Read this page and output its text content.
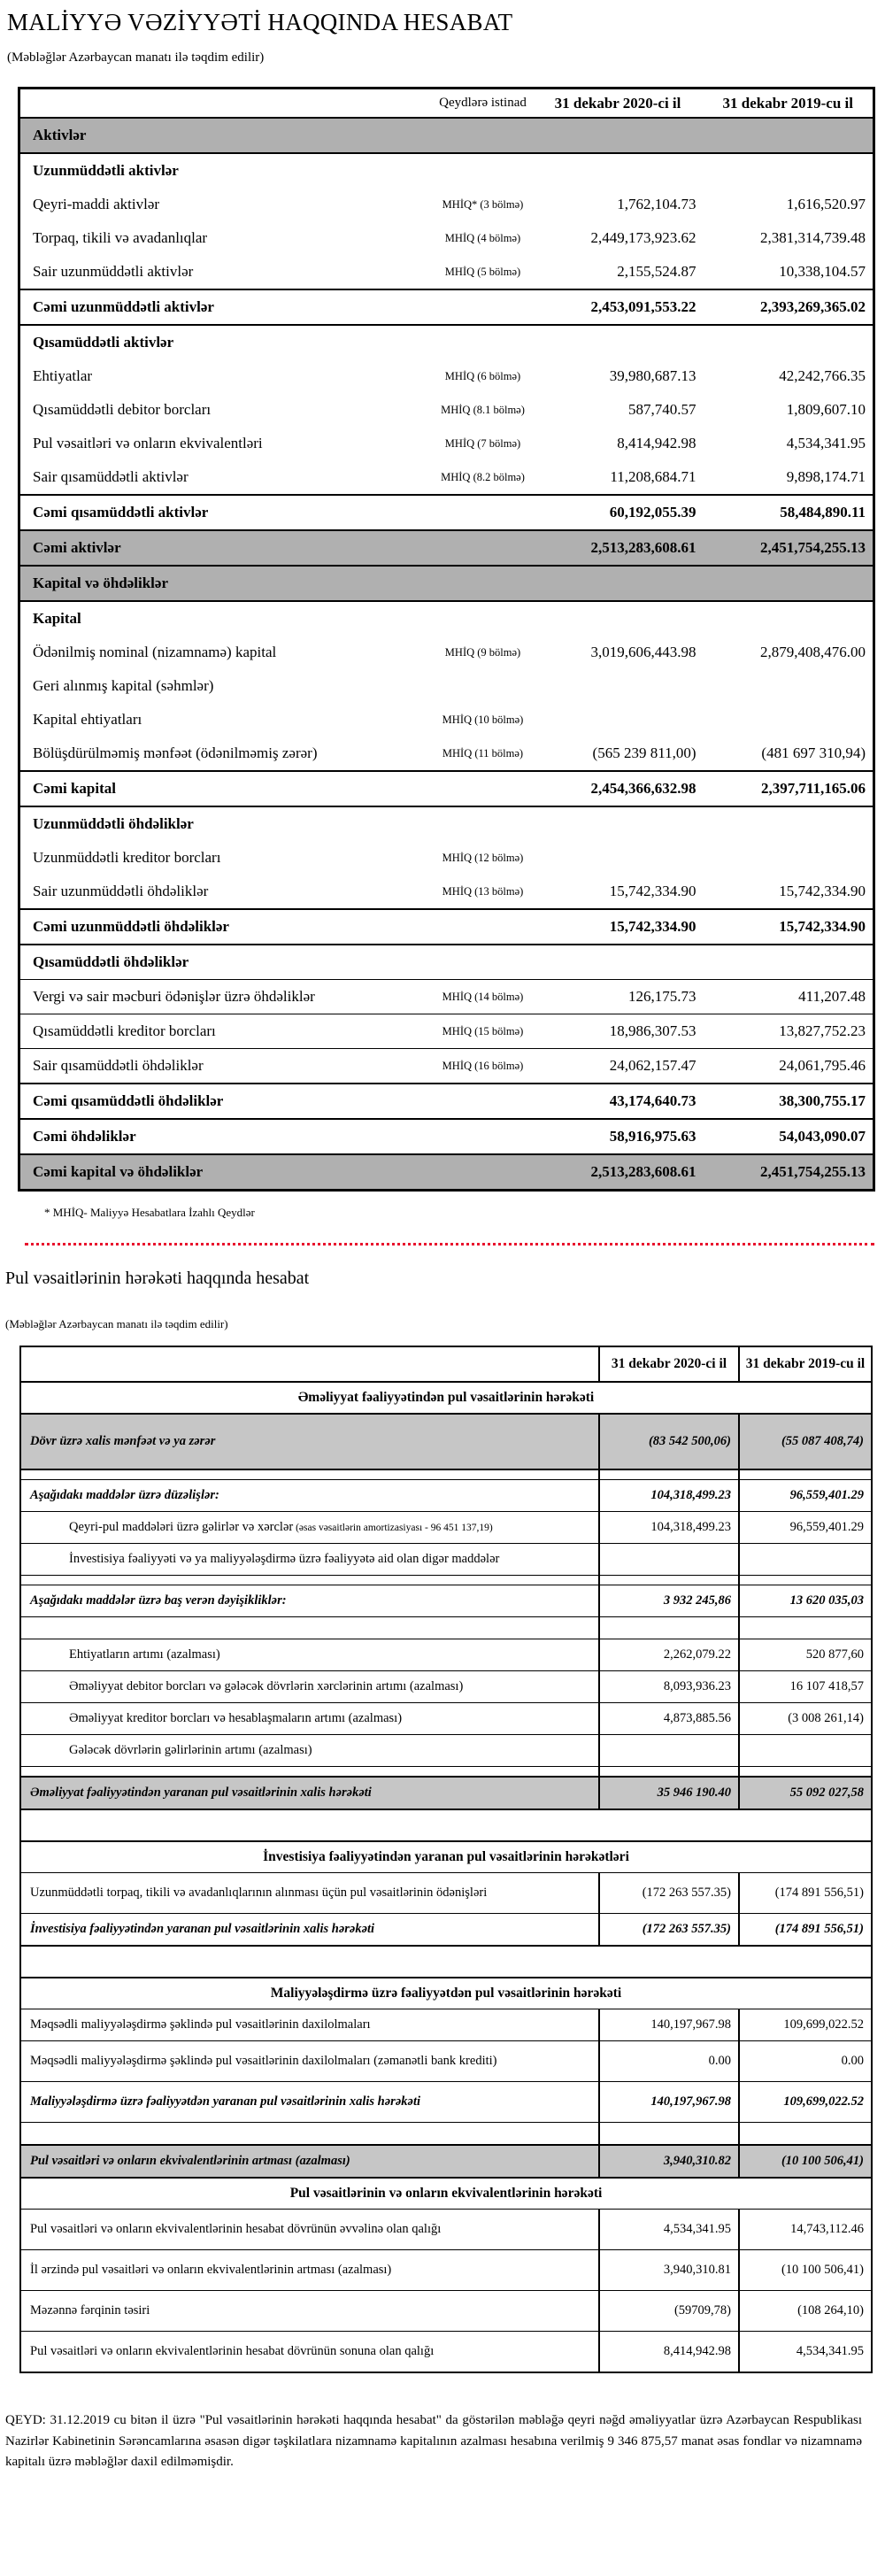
MALİYYƏ VƏZİYYƏTİ HAQQINDA HESABAT
(Məbləğlər Azərbaycan manatı ilə təqdim edilir)
	Qeydlərə istinad	31 dekabr 2020-ci il	31 dekabr 2019-cu il
Aktivlər			
Uzunmüddətli aktivlər			
Qeyri-maddi aktivlər	MHİQ* (3 bölmə)	1,762,104.73	1,616,520.97
Torpaq, tikili və avadanlıqlar	MHİQ (4 bölmə)	2,449,173,923.62	2,381,314,739.48
Sair uzunmüddətli aktivlər	MHİQ (5 bölmə)	2,155,524.87	10,338,104.57
Cəmi uzunmüddətli aktivlər		2,453,091,553.22	2,393,269,365.02
Qısamüddətli aktivlər			
Ehtiyatlar	MHİQ (6 bölmə)	39,980,687.13	42,242,766.35
Qısamüddətli debitor borcları	MHİQ (8.1 bölmə)	587,740.57	1,809,607.10
Pul vəsaitləri və onların ekvivalentləri	MHİQ (7 bölmə)	8,414,942.98	4,534,341.95
Sair qısamüddətli aktivlər	MHİQ (8.2 bölmə)	11,208,684.71	9,898,174.71
Cəmi qısamüddətli aktivlər		60,192,055.39	58,484,890.11
Cəmi aktivlər		2,513,283,608.61	2,451,754,255.13
Kapital və öhdəliklər			
Kapital			
Ödənilmiş nominal (nizamnamə) kapital	MHİQ (9 bölmə)	3,019,606,443.98	2,879,408,476.00
Geri alınmış kapital (səhmlər)			
Kapital ehtiyatları	MHİQ (10 bölmə)		
Bölüşdürülməmiş mənfəət (ödənilməmiş zərər)	MHİQ (11 bölmə)	(565 239 811,00)	(481 697 310,94)
Cəmi kapital		2,454,366,632.98	2,397,711,165.06
Uzunmüddətli öhdəliklər			
Uzunmüddətli kreditor borcları	MHİQ (12 bölmə)		
Sair uzunmüddətli öhdəliklər	MHİQ (13 bölmə)	15,742,334.90	15,742,334.90
Cəmi uzunmüddətli öhdəliklər		15,742,334.90	15,742,334.90
Qısamüddətli öhdəliklər			
Vergi və sair məcburi ödənişlər üzrə öhdəliklər	MHİQ (14 bölmə)	126,175.73	411,207.48
Qısamüddətli kreditor borcları	MHİQ (15 bölmə)	18,986,307.53	13,827,752.23
Sair qısamüddətli öhdəliklər	MHİQ (16 bölmə)	24,062,157.47	24,061,795.46
Cəmi qısamüddətli öhdəliklər		43,174,640.73	38,300,755.17
Cəmi öhdəliklər		58,916,975.63	54,043,090.07
Cəmi kapital və öhdəliklər		2,513,283,608.61	2,451,754,255.13
* MHİQ- Maliyyə Hesabatlara İzahlı Qeydlər
Pul vəsaitlərinin hərəkəti haqqında hesabat
(Məbləğlər Azərbaycan manatı ilə təqdim edilir)
	31 dekabr 2020-ci il	31 dekabr 2019-cu il
Əməliyyat fəaliyyətindən pul vəsaitlərinin hərəkəti		
Dövr üzrə xalis mənfəət və ya zərər	(83 542 500,06)	(55 087 408,74)

Aşağıdakı maddələr üzrə düzəlişlər:	104,318,499.23	96,559,401.29
Qeyri-pul maddələri üzrə gəlirlər və xərclər (əsas vəsaitlərin amortizasiyası - 96 451 137,19)	104,318,499.23	96,559,401.29
İnvestisiya fəaliyyəti və ya maliyyələşdirmə üzrə fəaliyyətə aid olan digər maddələr		

Aşağıdakı maddələr üzrə baş verən dəyişikliklər:	3 932 245,86	13 620 035,03

Ehtiyatların artımı (azalması)	2,262,079.22	520 877,60
Əməliyyat debitor borcları və gələcək dövrlərin xərclərinin artımı (azalması)	8,093,936.23	16 107 418,57
Əməliyyat kreditor borcları və hesablaşmaların artımı (azalması)	4,873,885.56	(3 008 261,14)
Gələcək dövrlərin gəlirlərinin artımı (azalması)		

Əməliyyat fəaliyyətindən yaranan pul vəsaitlərinin xalis hərəkəti	35 946 190.40	55 092 027,58

İnvestisiya fəaliyyətindən yaranan pul vəsaitlərinin hərəkətləri		
Uzunmüddətli torpaq, tikili və avadanlıqlarının alınması üçün pul vəsaitlərinin ödənişləri	(172 263 557.35)	(174 891 556,51)
İnvestisiya fəaliyyətindən yaranan pul vəsaitlərinin xalis hərəkəti	(172 263 557.35)	(174 891 556,51)

Maliyyələşdirmə üzrə fəaliyyətdən pul vəsaitlərinin hərəkəti		
Məqsədli maliyyələşdirmə şəklində pul vəsaitlərinin daxilolmaları	140,197,967.98	109,699,022.52
Məqsədli maliyyələşdirmə şəklində pul vəsaitlərinin daxilolmaları (zəmanətli bank krediti)	0.00	0.00
Maliyyələşdirmə üzrə fəaliyyətdən yaranan pul vəsaitlərinin xalis hərəkəti	140,197,967.98	109,699,022.52

Pul vəsaitləri və onların ekvivalentlərinin artması (azalması)	3,940,310.82	(10 100 506,41)
Pul vəsaitlərinin və onların ekvivalentlərinin hərəkəti		
Pul vəsaitləri və onların ekvivalentlərinin hesabat dövrünün əvvəlinə olan qalığı	4,534,341.95	14,743,112.46
İl ərzində pul vəsaitləri və onların ekvivalentlərinin artması (azalması)	3,940,310.81	(10 100 506,41)
Məzənnə fərqinin təsiri	(59709,78)	(108 264,10)
Pul vəsaitləri və onların ekvivalentlərinin hesabat dövrünün sonuna olan qalığı	8,414,942.98	4,534,341.95
QEYD: 31.12.2019 cu bitən il üzrə "Pul vəsaitlərinin hərəkəti haqqında hesabat" da göstərilən məbləğə qeyri nəğd əməliyyatlar üzrə Azərbaycan Respublikası Nazirlər Kabinetinin Sərəncamlarına əsasən digər təşkilatlara nizamnamə kapitalının azalması hesabına verilmiş 9 346 875,57 manat əsas fondlar və nizamnamə kapitalı üzrə məbləğlər daxil edilməmişdir.
